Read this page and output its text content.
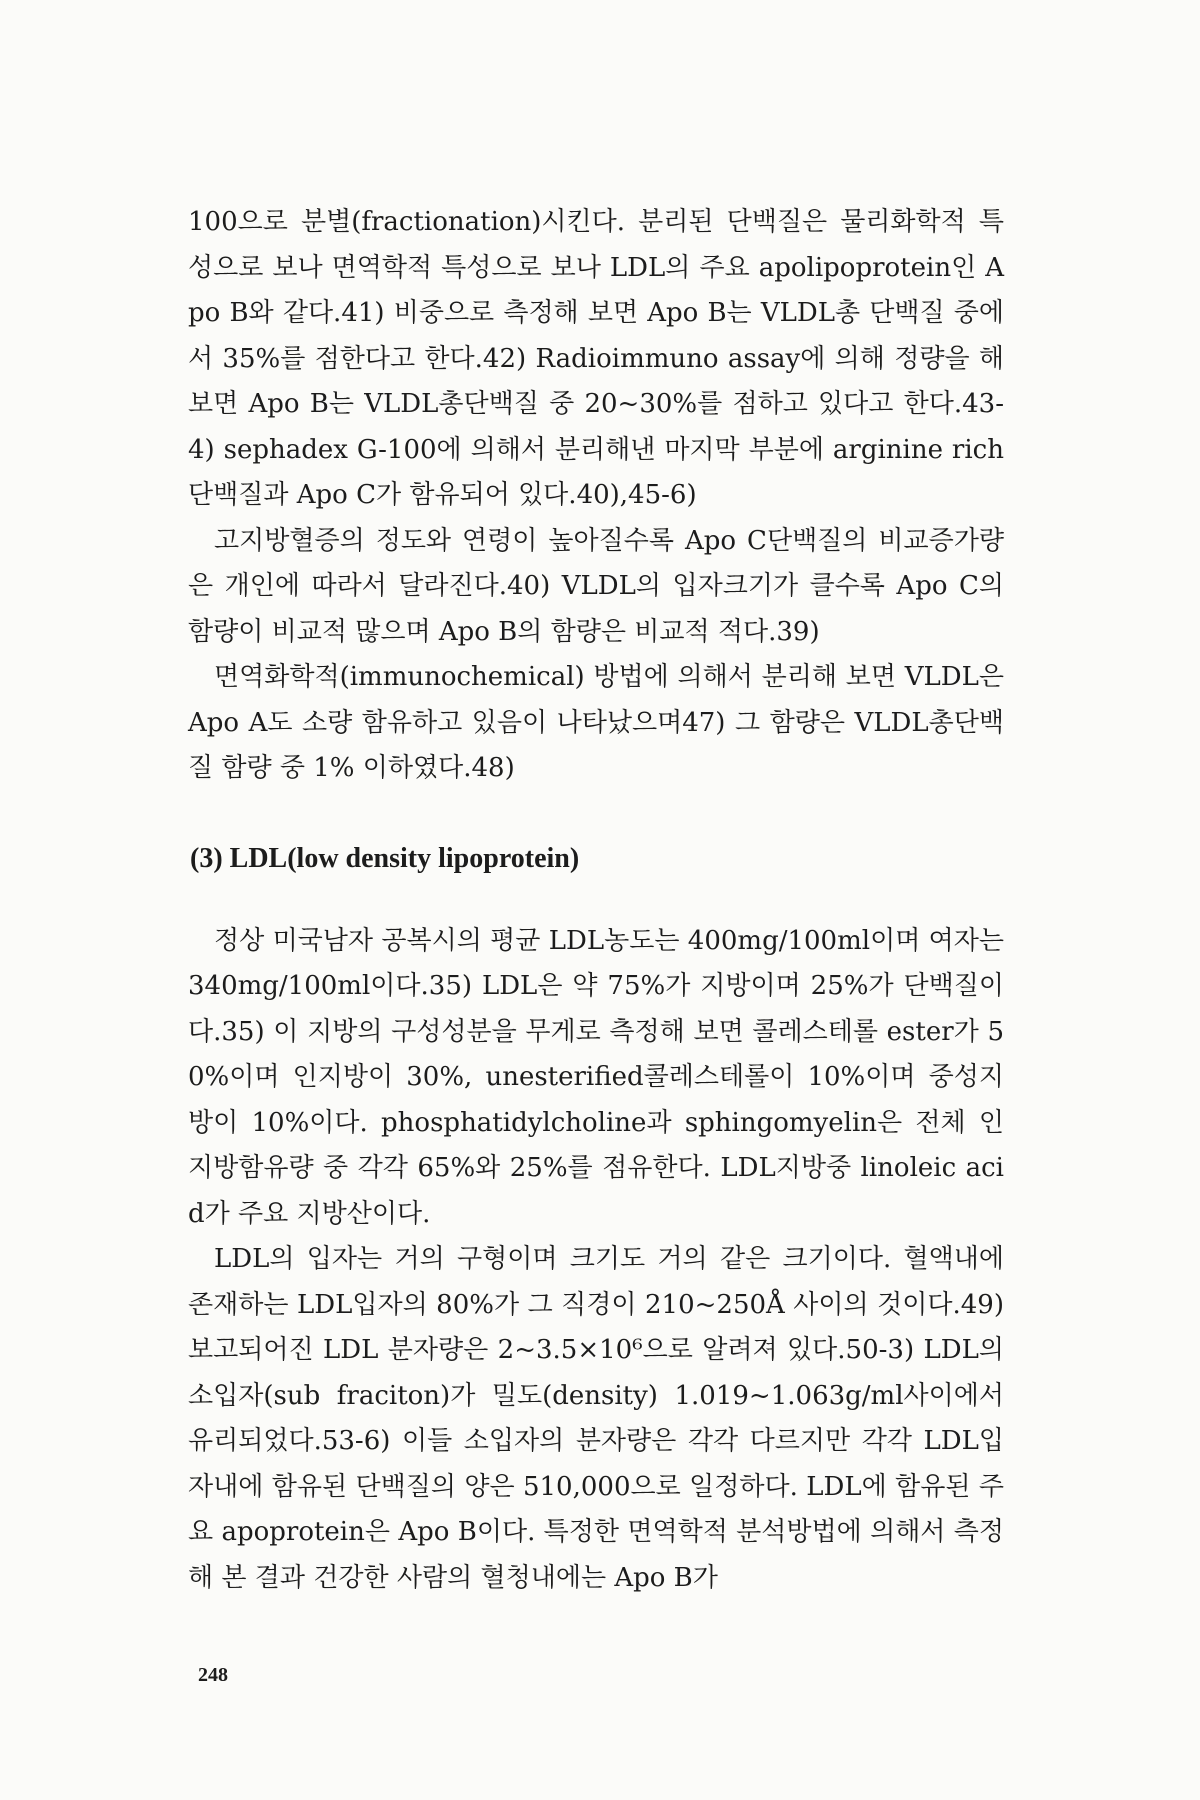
100으로 분별(fractionation)시킨다. 분리된 단백질은 물리화학적 특성으로 보나 면역학적 특성으로 보나 LDL의 주요 apolipoprotein인 Apo B와 같다.41) 비중으로 측정해 보면 Apo B는 VLDL총 단백질 중에서 35%를 점한다고 한다.42) Radioimmuno assay에 의해 정량을 해 보면 Apo B는 VLDL총단백질 중 20~30%를 점하고 있다고 한다.43-4) sephadex G-100에 의해서 분리해낸 마지막 부분에 arginine rich단백질과 Apo C가 함유되어 있다.40),45-6)

고지방혈증의 정도와 연령이 높아질수록 Apo C단백질의 비교증가량은 개인에 따라서 달라진다.40) VLDL의 입자크기가 클수록 Apo C의 함량이 비교적 많으며 Apo B의 함량은 비교적 적다.39)

면역화학적(immunochemical) 방법에 의해서 분리해 보면 VLDL은 Apo A도 소량 함유하고 있음이 나타났으며47) 그 함량은 VLDL총단백질 함량 중 1% 이하였다.48)

(3) LDL(low density lipoprotein)

정상 미국남자 공복시의 평균 LDL농도는 400mg/100ml이며 여자는 340mg/100ml이다.35) LDL은 약 75%가 지방이며 25%가 단백질이다.35) 이 지방의 구성성분을 무게로 측정해 보면 콜레스테롤 ester가 50%이며 인지방이 30%, unesterified콜레스테롤이 10%이며 중성지방이 10%이다. phosphatidylcholine과 sphingomyelin은 전체 인지방함유량 중 각각 65%와 25%를 점유한다. LDL지방중 linoleic acid가 주요 지방산이다.

LDL의 입자는 거의 구형이며 크기도 거의 같은 크기이다. 혈액내에 존재하는 LDL입자의 80%가 그 직경이 210~250Å 사이의 것이다.49) 보고되어진 LDL 분자량은 2~3.5×10⁶으로 알려져 있다.50-3) LDL의 소입자(sub fraciton)가 밀도(density) 1.019~1.063g/ml사이에서 유리되었다.53-6) 이들 소입자의 분자량은 각각 다르지만 각각 LDL입자내에 함유된 단백질의 양은 510,000으로 일정하다. LDL에 함유된 주요 apoprotein은 Apo B이다. 특정한 면역학적 분석방법에 의해서 측정해 본 결과 건강한 사람의 혈청내에는 Apo B가

248
